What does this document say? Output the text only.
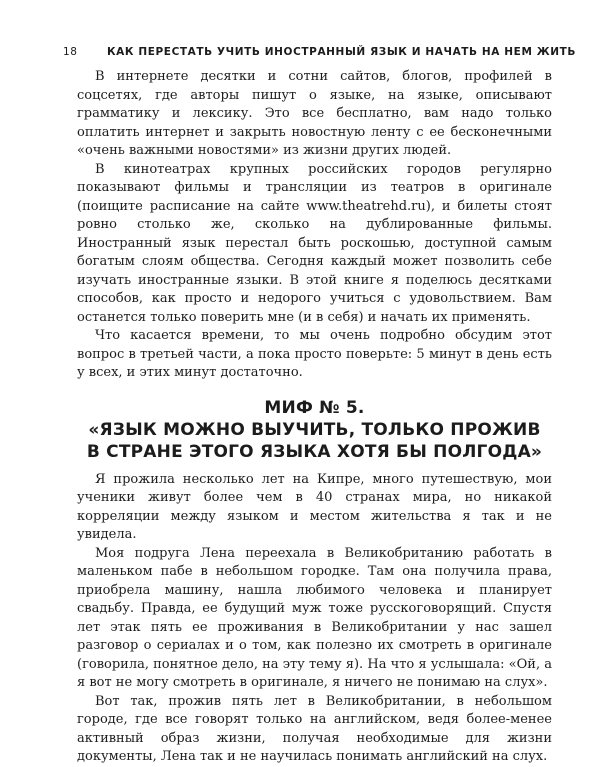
18	КАК ПЕРЕСТАТЬ УЧИТЬ ИНОСТРАННЫЙ ЯЗЫК И НАЧАТЬ НА НЕМ ЖИТЬ

В интернете десятки и сотни сайтов, блогов, профилей в соцсетях, где авторы пишут о языке, на языке, описывают грамматику и лексику. Это все бесплатно, вам надо только оплатить интернет и закрыть новостную ленту с ее бесконечными «очень важными новостями» из жизни других людей.

В кинотеатрах крупных российских городов регулярно показывают фильмы и трансляции из театров в оригинале (поищите расписание на сайте www.theatrehd.ru), и билеты стоят ровно столько же, сколько на дублированные фильмы. Иностранный язык перестал быть роскошью, доступной самым богатым слоям общества. Сегодня каждый может позволить себе изучать иностранные языки. В этой книге я поделюсь десятками способов, как просто и недорого учиться с удовольствием. Вам останется только поверить мне (и в себя) и начать их применять.

Что касается времени, то мы очень подробно обсудим этот вопрос в третьей части, а пока просто поверьте: 5 минут в день есть у всех, и этих минут достаточно.

МИФ № 5.
«ЯЗЫК МОЖНО ВЫУЧИТЬ, ТОЛЬКО ПРОЖИВ
В СТРАНЕ ЭТОГО ЯЗЫКА ХОТЯ БЫ ПОЛГОДА»

Я прожила несколько лет на Кипре, много путешествую, мои ученики живут более чем в 40 странах мира, но никакой корреляции между языком и местом жительства я так и не увидела.

Моя подруга Лена переехала в Великобританию работать в маленьком пабе в небольшом городке. Там она получила права, приобрела машину, нашла любимого человека и планирует свадьбу. Правда, ее будущий муж тоже русскоговорящий. Спустя лет этак пять ее проживания в Великобритании у нас зашел разговор о сериалах и о том, как полезно их смотреть в оригинале (говорила, понятное дело, на эту тему я). На что я услышала: «Ой, а я вот не могу смотреть в оригинале, я ничего не понимаю на слух».

Вот так, прожив пять лет в Великобритании, в небольшом городе, где все говорят только на английском, ведя более-менее активный образ жизни, получая необходимые для жизни документы, Лена так и не научилась понимать английский на слух.
